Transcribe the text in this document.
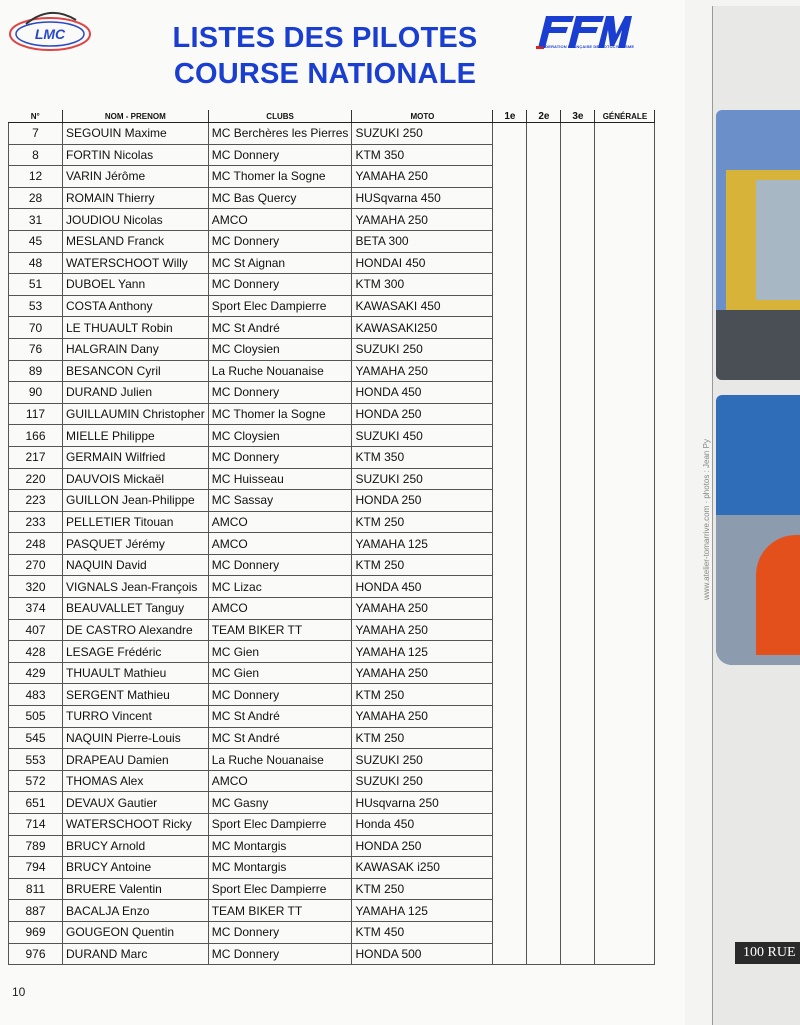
LMC	LISTES DES PILOTES
COURSE NATIONALE
FFM
FEDERATION FRANÇAISE DE MOTOCYCLISME
N°	NOM - PRENOM	CLUBS	MOTO	1e	2e	3e	GÉNÉRALE
7	SEGOUIN Maxime	MC Berchères les Pierres	SUZUKI 250				
8	FORTIN Nicolas	MC Donnery	KTM 350				
12	VARIN Jérôme	MC Thomer la Sogne	YAMAHA 250				
28	ROMAIN Thierry	MC Bas Quercy	HUSqvarna 450				
31	JOUDIOU Nicolas	AMCO	YAMAHA 250				
45	MESLAND Franck	MC Donnery	BETA 300				
48	WATERSCHOOT Willy	MC St Aignan	HONDAI 450				
51	DUBOEL Yann	MC Donnery	KTM 300				
53	COSTA Anthony	Sport Elec Dampierre	KAWASAKI 450				
70	LE THUAULT Robin	MC St André	KAWASAKI250				
76	HALGRAIN Dany	MC Cloysien	SUZUKI 250				
89	BESANCON Cyril	La Ruche Nouanaise	YAMAHA 250				
90	DURAND Julien	MC Donnery	HONDA 450				
117	GUILLAUMIN Christopher	MC Thomer la Sogne	HONDA 250				
166	MIELLE Philippe	MC Cloysien	SUZUKI 450				
217	GERMAIN Wilfried	MC Donnery	KTM 350				
220	DAUVOIS Mickaël	MC Huisseau	SUZUKI 250				
223	GUILLON Jean-Philippe	MC Sassay	HONDA 250				
233	PELLETIER Titouan	AMCO	KTM 250				
248	PASQUET Jérémy	AMCO	YAMAHA 125				
270	NAQUIN David	MC Donnery	KTM 250				
320	VIGNALS Jean-François	MC Lizac	HONDA 450				
374	BEAUVALLET Tanguy	AMCO	YAMAHA 250				
407	DE CASTRO Alexandre	TEAM BIKER TT	YAMAHA 250				
428	LESAGE Frédéric	MC Gien	YAMAHA 125				
429	THUAULT Mathieu	MC Gien	YAMAHA 250				
483	SERGENT Mathieu	MC Donnery	KTM 250				
505	TURRO Vincent	MC St André	YAMAHA 250				
545	NAQUIN Pierre-Louis	MC St André	KTM 250				
553	DRAPEAU Damien	La Ruche Nouanaise	SUZUKI 250				
572	THOMAS Alex	AMCO	SUZUKI 250				
651	DEVAUX Gautier	MC Gasny	HUsqvarna 250				
714	WATERSCHOOT Ricky	Sport Elec Dampierre	Honda 450				
789	BRUCY Arnold	MC Montargis	HONDA 250				
794	BRUCY Antoine	MC Montargis	KAWASAK i250				
811	BRUERE Valentin	Sport Elec Dampierre	KTM 250				
887	BACALJA Enzo	TEAM BIKER TT	YAMAHA 125				
969	GOUGEON Quentin	MC Donnery	KTM 450				
976	DURAND Marc	MC Donnery	HONDA 500				
10
www.atelier-tomarrive.com · photos : Jean Py
100 RUE
